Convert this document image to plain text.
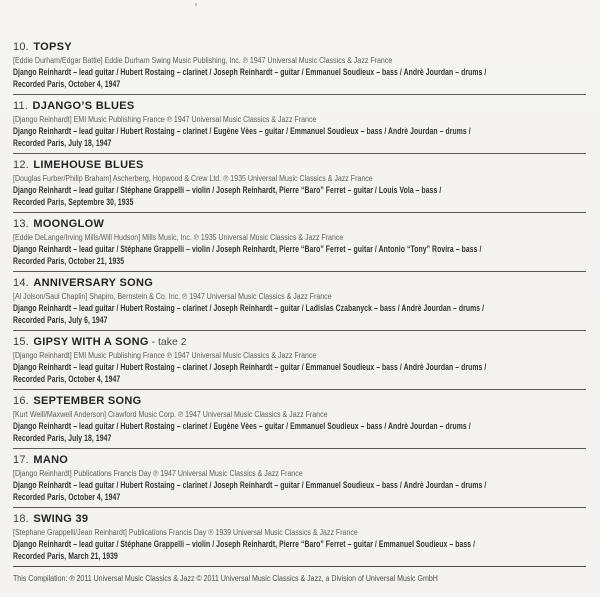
10. TOPSY
[Eddie Durham/Edgar Battle] Eddie Durham Swing Music Publishing, Inc. ℗ 1947 Universal Music Classics & Jazz France
Django Reinhardt – lead guitar / Hubert Rostaing – clarinet / Joseph Reinhardt – guitar / Emmanuel Soudieux – bass / Andrè Jourdan – drums /
Recorded Paris, October 4, 1947
11. DJANGO’S BLUES
[Django Reinhardt] EMI Music Publishing France ℗ 1947 Universal Music Classics & Jazz France
Django Reinhardt – lead guitar / Hubert Rostaing – clarinet / Eugène Vèes – guitar / Emmanuel Soudieux – bass / Andrè Jourdan – drums /
Recorded Paris, July 18, 1947
12. LIMEHOUSE BLUES
[Douglas Furber/Philip Braham] Ascherberg, Hopwood & Crew Ltd. ℗ 1935 Universal Music Classics & Jazz France
Django Reinhardt – lead guitar / Stéphane Grappelli – violin / Joseph Reinhardt, Pierre “Baro” Ferret – guitar / Louis Vola – bass /
Recorded Paris, Septembre 30, 1935
13. MOONGLOW
[Eddie DeLange/Irving Mills/Will Hudson] Mills Music, Inc. ℗ 1935 Universal Music Classics & Jazz France
Django Reinhardt – lead guitar / Stéphane Grappelli – violin / Joseph Reinhardt, Pierre “Baro” Ferret – guitar / Antonio “Tony” Rovira – bass /
Recorded Paris, October 21, 1935
14. ANNIVERSARY SONG
[Al Jolson/Saul Chaplin] Shapiro, Bernstein & Co. Inc. ℗ 1947 Universal Music Classics & Jazz France
Django Reinhardt – lead guitar / Hubert Rostaing – clarinet / Joseph Reinhardt – guitar / Ladislas Czabanyck – bass / Andrè Jourdan – drums /
Recorded Paris, July 6, 1947
15. GIPSY WITH A SONG - take 2
[Django Reinhardt] EMI Music Publishing France ℗ 1947 Universal Music Classics & Jazz France
Django Reinhardt – lead guitar / Hubert Rostaing – clarinet / Joseph Reinhardt – guitar / Emmanuel Soudieux – bass / Andrè Jourdan – drums /
Recorded Paris, October 4, 1947
16. SEPTEMBER SONG
[Kurt Weill/Maxwell Anderson] Crawford Music Corp. ℗ 1947 Universal Music Classics & Jazz France
Django Reinhardt – lead guitar / Hubert Rostaing – clarinet / Eugène Vèes – guitar / Emmanuel Soudieux – bass / Andrè Jourdan – drums /
Recorded Paris, July 18, 1947
17. MANO
[Django Reinhardt] Publications Francis Day ℗ 1947 Universal Music Classics & Jazz France
Django Reinhardt – lead guitar / Hubert Rostaing – clarinet / Joseph Reinhardt – guitar / Emmanuel Soudieux – bass / Andrè Jourdan – drums /
Recorded Paris, October 4, 1947
18. SWING 39
[Stephane Grappelli/Jean Reinhardt] Publications Francis Day ℗ 1939 Universal Music Classics & Jazz France
Django Reinhardt – lead guitar / Stéphane Grappelli – violin / Joseph Reinhardt, Pierre “Baro” Ferret – guitar / Emmanuel Soudieux – bass /
Recorded Paris, March 21, 1939
This Compilation: ℗ 2011 Universal Music Classics & Jazz © 2011 Universal Music Classics & Jazz, a Division of Universal Music GmbH
